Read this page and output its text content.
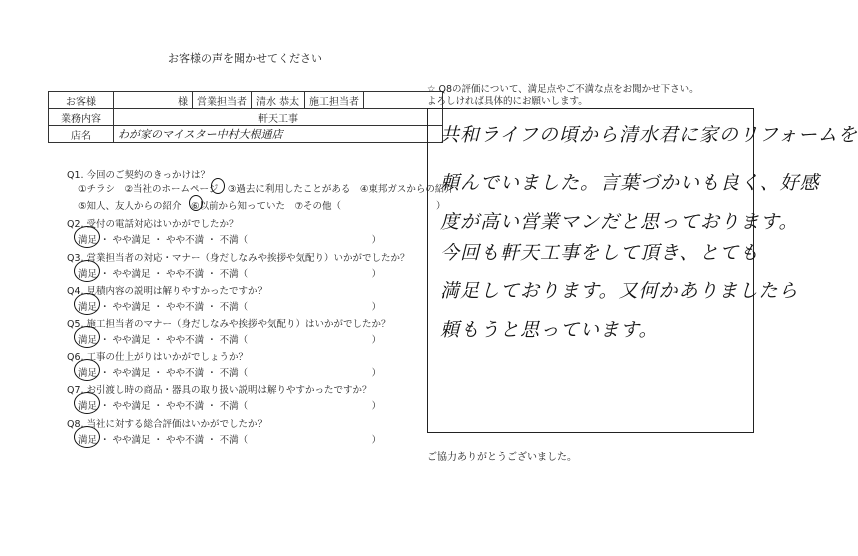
お客様の声を聞かせてください
お客様	様	営業担当者	清水 恭太	施工担当者	
業務内容	軒天工事				
店名	わが家のマイスター中村大根通店				
Q1. 今回のご契約のきっかけは？
①チラシ　②当社のホームページ　③過去に利用したことがある　④東邦ガスからの紹介
⑤知人、友人からの紹介　⑥以前から知っていた　⑦その他（　　　　　　　　　　）
Q2. 受付の電話対応はいかがでしたか？
満足 ・ やや満足 ・ やや不満 ・ 不満（　　　　　　　　　　　　　）
Q3. 営業担当者の対応・マナー（身だしなみや挨拶や気配り）いかがでしたか？
満足 ・ やや満足 ・ やや不満 ・ 不満（　　　　　　　　　　　　　）
Q4. 見積内容の説明は解りやすかったですか？
満足 ・ やや満足 ・ やや不満 ・ 不満（　　　　　　　　　　　　　）
Q5. 施工担当者のマナー（身だしなみや挨拶や気配り）はいかがでしたか？
満足 ・ やや満足 ・ やや不満 ・ 不満（　　　　　　　　　　　　　）
Q6. 工事の仕上がりはいかがでしょうか？
満足 ・ やや満足 ・ やや不満 ・ 不満（　　　　　　　　　　　　　）
Q7. お引渡し時の商品・器具の取り扱い説明は解りやすかったですか？
満足 ・ やや満足 ・ やや不満 ・ 不満（　　　　　　　　　　　　　）
Q8. 当社に対する総合評価はいかがでしたか？
満足 ・ やや満足 ・ やや不満 ・ 不満（　　　　　　　　　　　　　）
☆ Q8の評価について、満足点やご不満な点をお聞かせ下さい。
よろしければ具体的にお願いします。
共和ライフの頃から清水君に家のリフォームを
頼んでいました。言葉づかいも良く、好感
度が高い営業マンだと思っております。
今回も軒天工事をして頂き、とても
満足しております。又何かありましたら
頼もうと思っています。
ご協力ありがとうございました。
